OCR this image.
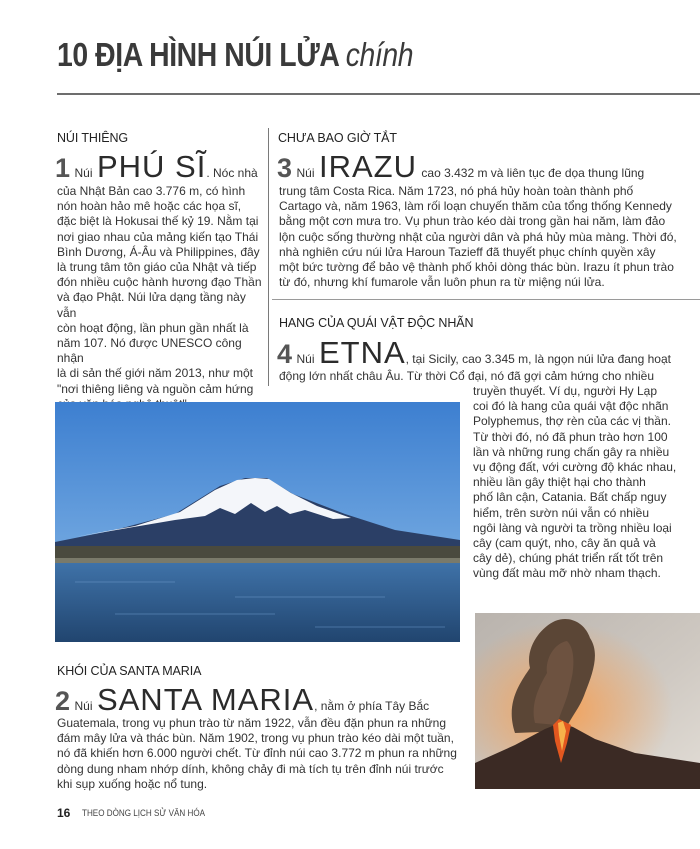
10 ĐỊA HÌNH NÚI LỬA chính
NÚI THIÊNG
1 Núi PHÚ SĨ. Nóc nhà
của Nhật Bản cao 3.776 m, có hình
nón hoàn hảo mê hoặc các họa sĩ,
đặc biệt là Hokusai thế kỷ 19. Nằm tại
nơi giao nhau của mảng kiến tạo Thái
Bình Dương, Á-Âu và Philippines, đây
là trung tâm tôn giáo của Nhật và tiếp
đón nhiều cuộc hành hương đạo Thần
và đạo Phật. Núi lửa dạng tầng này vẫn
còn hoạt động, lần phun gần nhất là
năm 107. Nó được UNESCO công nhận
là di sản thế giới năm 2013, như một
"nơi thiêng liêng và nguồn cảm hứng
CHƯA BAO GIỜ TẮT
3 Núi IRAZU cao 3.432 m và liên tục đe dọa thung lũng
trung tâm Costa Rica. Năm 1723, nó phá hủy hoàn toàn thành phố
Cartago và, năm 1963, làm rối loạn chuyến thăm của tổng thống Kennedy
bằng một cơn mưa tro. Vụ phun trào kéo dài trong gần hai năm, làm đảo
lộn cuộc sống thường nhật của người dân và phá hủy mùa màng. Thời đó,
nhà nghiên cứu núi lửa Haroun Tazieff đã thuyết phục chính quyền xây
một bức tường để bảo vệ thành phố khỏi dòng thác bùn. Irazu ít phun trào
từ đó, nhưng khí fumarole vẫn luôn phun ra từ miệng núi lửa.
HANG CỦA QUÁI VẬT ĐỘC NHÃN
4 Núi ETNA, tại Sicily, cao 3.345 m, là ngọn núi lửa đang hoạt
động lớn nhất châu Âu. Từ thời Cổ đại, nó đã gợi cảm hứng cho nhiều
truyền thuyết. Ví dụ, người Hy Lạp
coi đó là hang của quái vật độc nhãn
Polyphemus, thợ rèn của các vị thần.
Từ thời đó, nó đã phun trào hơn 100
lần và những rung chấn gây ra nhiều
vụ động đất, với cường độ khác nhau,
nhiều lần gây thiệt hại cho thành
phố lân cận, Catania. Bất chấp nguy
hiểm, trên sườn núi vẫn có nhiều
ngôi làng và người ta trồng nhiều loại
cây (cam quýt, nho, cây ăn quả và
cây dẻ), chúng phát triển rất tốt trên
vùng đất màu mỡ nhờ nham thạch.
KHÓI CỦA SANTA MARIA
2 Núi SANTA MARIA, nằm ở phía Tây Bắc
Guatemala, trong vụ phun trào từ năm 1922, vẫn đều đặn phun ra những
đám mây lửa và thác bùn. Năm 1902, trong vụ phun trào kéo dài một tuần,
nó đã khiến hơn 6.000 người chết. Từ đỉnh núi cao 3.772 m phun ra những
dòng dung nham nhớp dính, không chảy đi mà tích tụ trên đỉnh núi trước
khi sụp xuống hoặc nổ tung.
16 THEO DÒNG LỊCH SỬ VĂN HÓA
